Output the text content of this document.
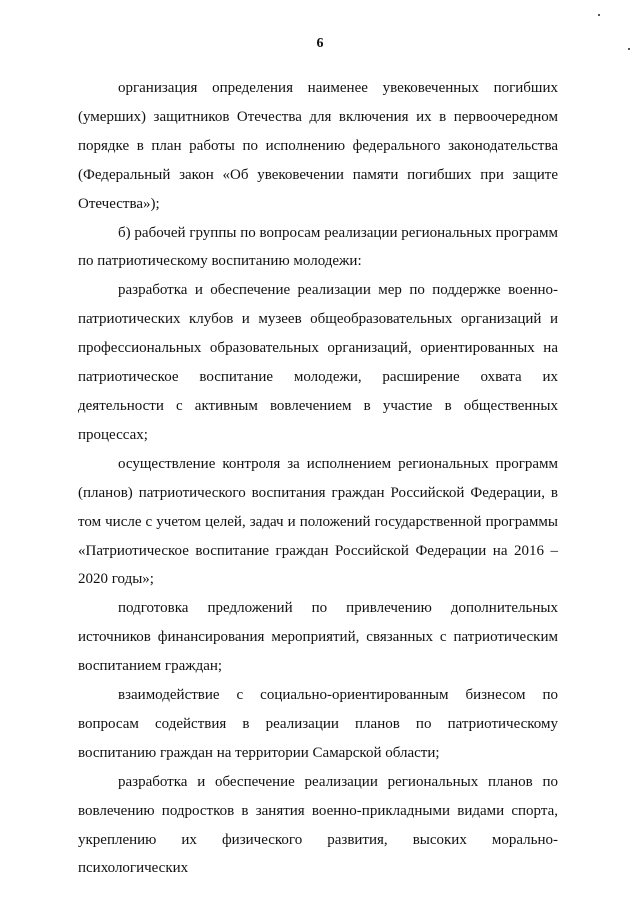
6

организация определения наименее увековеченных погибших (умерших) защитников Отечества для включения их в первоочередном порядке в план работы по исполнению федерального законодательства (Федеральный закон «Об увековечении памяти погибших при защите Отечества»);

б) рабочей группы по вопросам реализации региональных программ по патриотическому воспитанию молодежи:

разработка и обеспечение реализации мер по поддержке военно-патриотических клубов и музеев общеобразовательных организаций и профессиональных образовательных организаций, ориентированных на патриотическое воспитание молодежи, расширение охвата их деятельности с активным вовлечением в участие в общественных процессах;

осуществление контроля за исполнением региональных программ (планов) патриотического воспитания граждан Российской Федерации, в том числе с учетом целей, задач и положений государственной программы «Патриотическое воспитание граждан Российской Федерации на 2016 – 2020 годы»;

подготовка предложений по привлечению дополнительных источников финансирования мероприятий, связанных с патриотическим воспитанием граждан;

взаимодействие с социально-ориентированным бизнесом по вопросам содействия в реализации планов по патриотическому воспитанию граждан на территории Самарской области;

разработка и обеспечение реализации региональных планов по вовлечению подростков в занятия военно-прикладными видами спорта, укреплению их физического развития, высоких морально-психологических
